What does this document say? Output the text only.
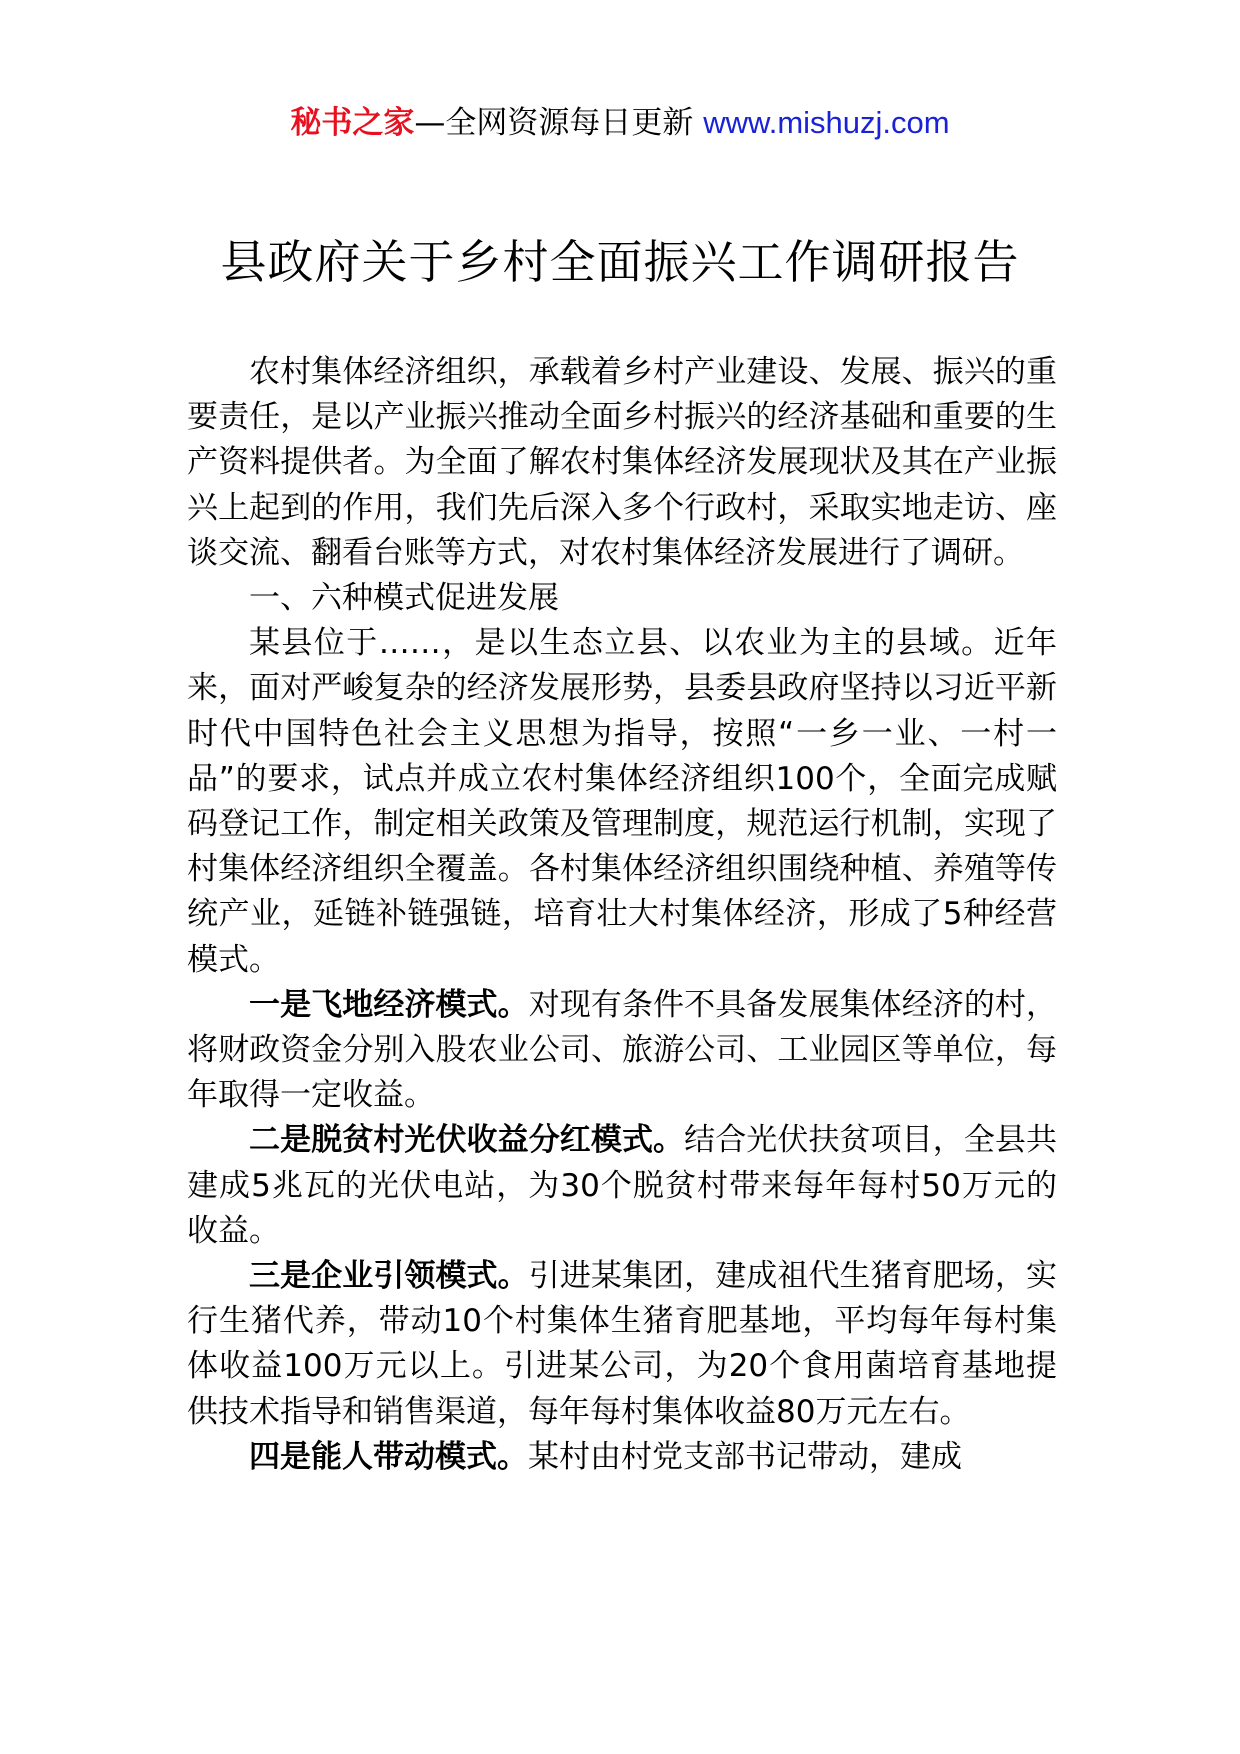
秘书之家—全网资源每日更新 www.mishuzj.com
县政府关于乡村全面振兴工作调研报告

农村集体经济组织，承载着乡村产业建设、发展、振兴的重要责任，是以产业振兴推动全面乡村振兴的经济基础和重要的生产资料提供者。为全面了解农村集体经济发展现状及其在产业振兴上起到的作用，我们先后深入多个行政村，采取实地走访、座谈交流、翻看台账等方式，对农村集体经济发展进行了调研。

一、六种模式促进发展

某县位于……，是以生态立县、以农业为主的县域。近年来，面对严峻复杂的经济发展形势，县委县政府坚持以习近平新时代中国特色社会主义思想为指导，按照“一乡一业、一村一品”的要求，试点并成立农村集体经济组织100个，全面完成赋码登记工作，制定相关政策及管理制度，规范运行机制，实现了村集体经济组织全覆盖。各村集体经济组织围绕种植、养殖等传统产业，延链补链强链，培育壮大村集体经济，形成了5种经营模式。

一是飞地经济模式。对现有条件不具备发展集体经济的村，将财政资金分别入股农业公司、旅游公司、工业园区等单位，每年取得一定收益。

二是脱贫村光伏收益分红模式。结合光伏扶贫项目，全县共建成5兆瓦的光伏电站，为30个脱贫村带来每年每村50万元的收益。

三是企业引领模式。引进某集团，建成祖代生猪育肥场，实行生猪代养，带动10个村集体生猪育肥基地，平均每年每村集体收益100万元以上。引进某公司，为20个食用菌培育基地提供技术指导和销售渠道，每年每村集体收益80万元左右。

四是能人带动模式。某村由村党支部书记带动，建成
